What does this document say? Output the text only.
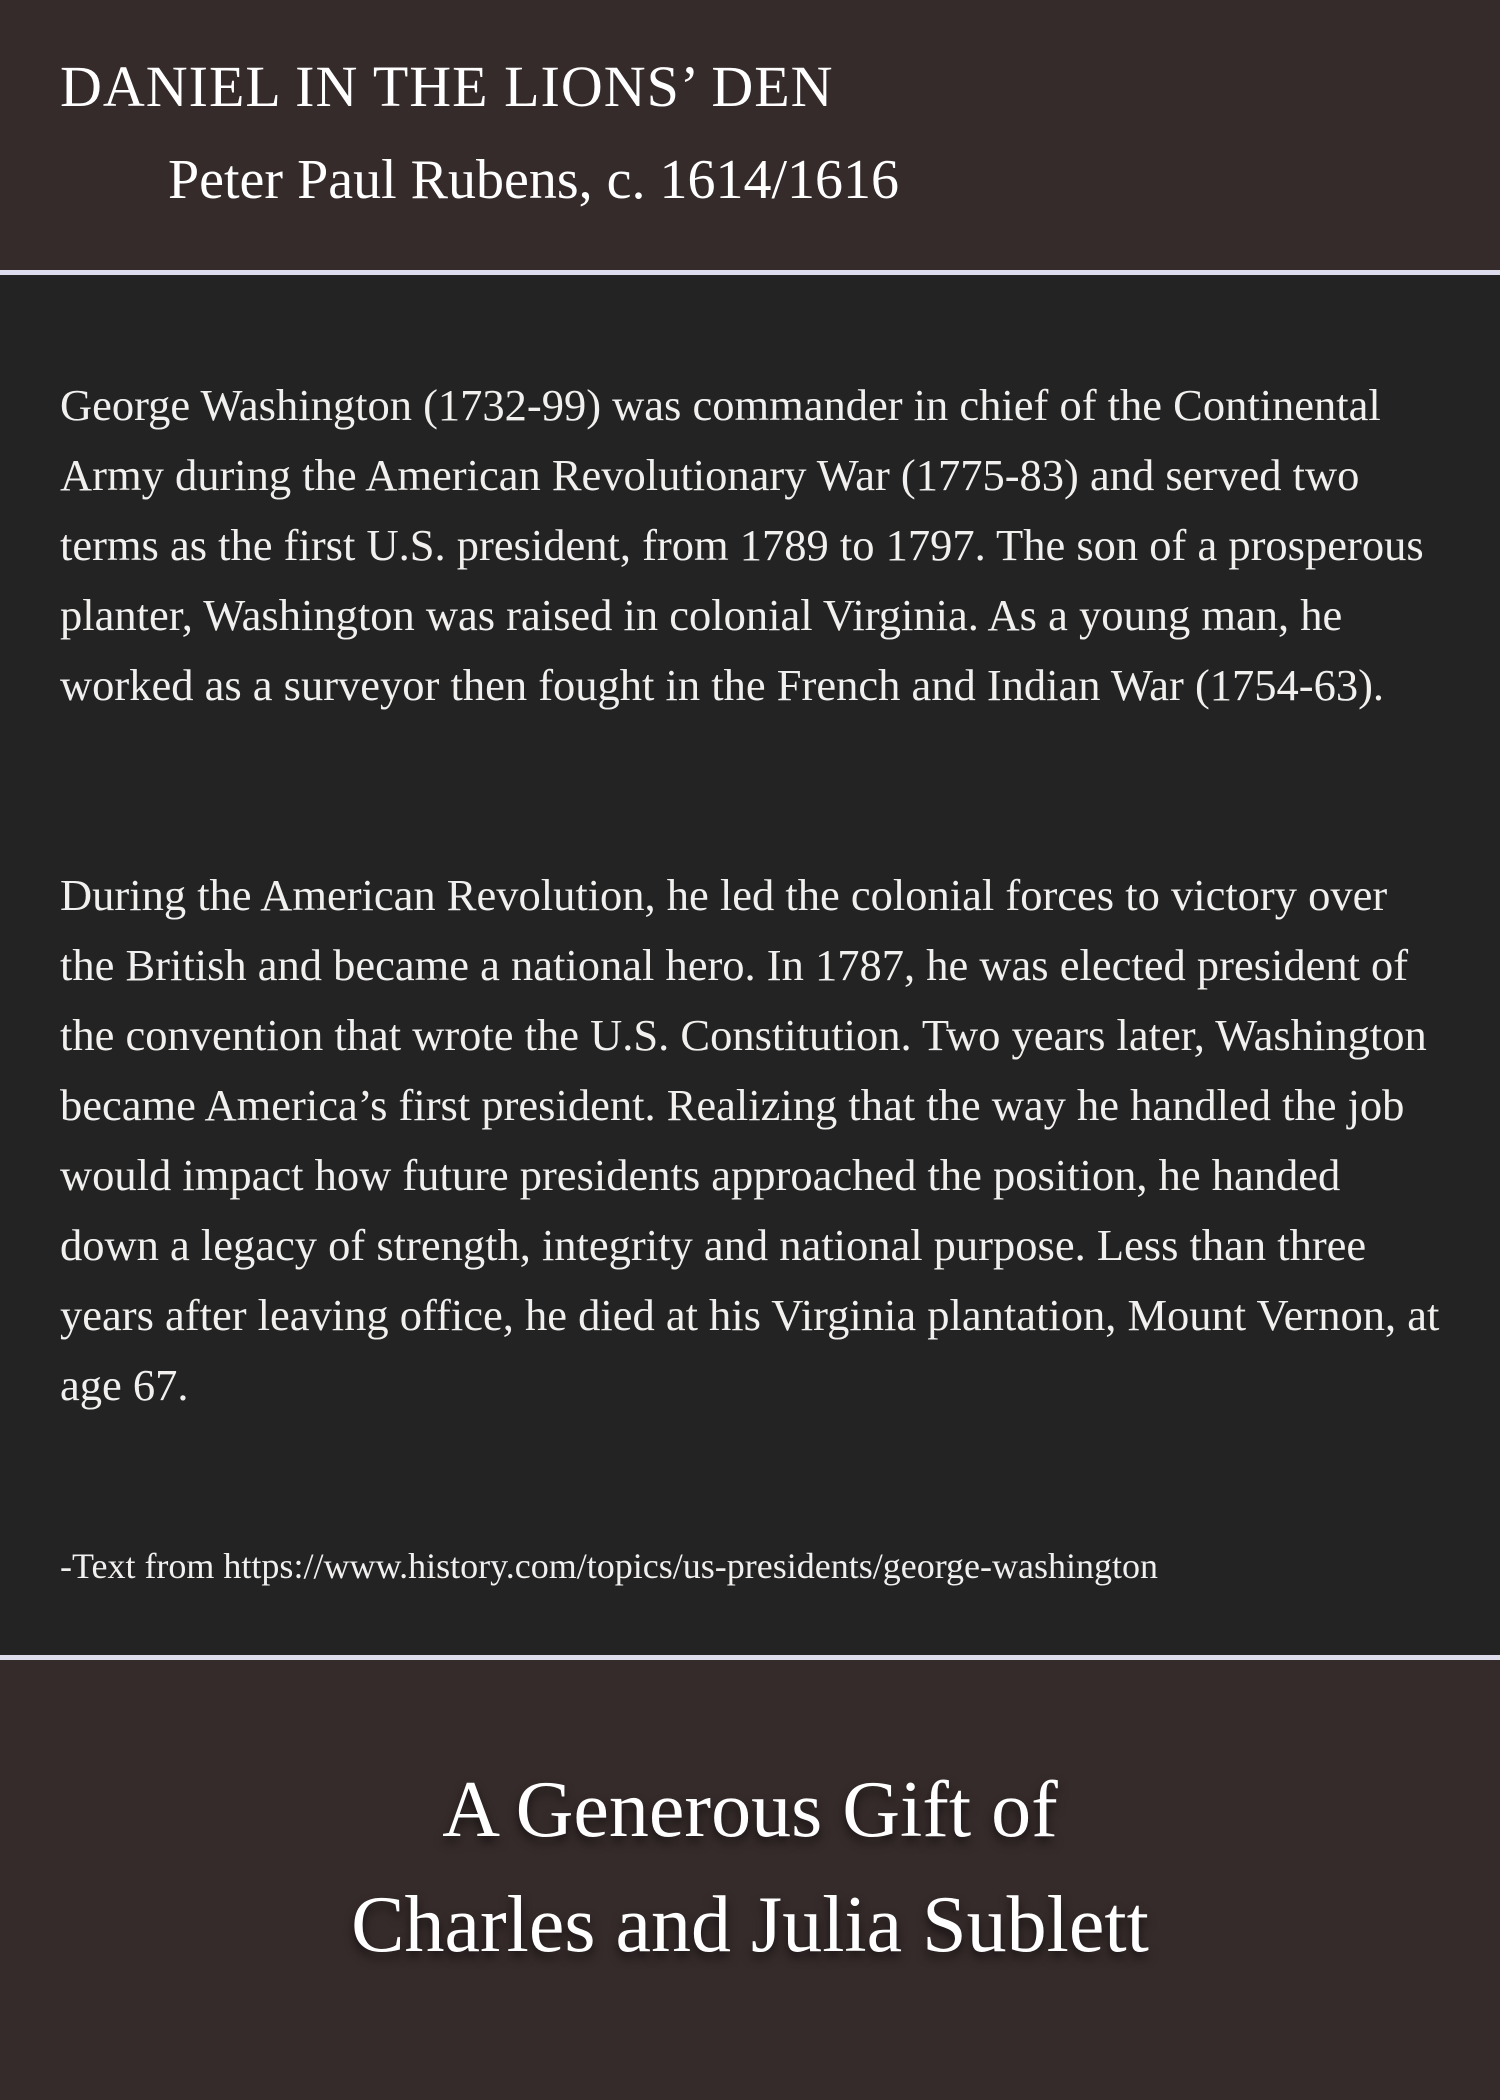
DANIEL IN THE LIONS’ DEN
Peter Paul Rubens, c. 1614/1616

George Washington (1732-99) was commander in chief of the Continental Army during the American Revolutionary War (1775-83) and served two terms as the first U.S. president, from 1789 to 1797. The son of a prosperous planter, Washington was raised in colonial Virginia. As a young man, he worked as a surveyor then fought in the French and Indian War (1754-63).

During the American Revolution, he led the colonial forces to victory over the British and became a national hero. In 1787, he was elected president of the convention that wrote the U.S. Constitution. Two years later, Washington became America’s first president. Realizing that the way he handled the job would impact how future presidents approached the position, he handed down a legacy of strength, integrity and national purpose. Less than three years after leaving office, he died at his Virginia plantation, Mount Vernon, at age 67.

-Text from https://www.history.com/topics/us-presidents/george-washington
A Generous Gift of
Charles and Julia Sublett
